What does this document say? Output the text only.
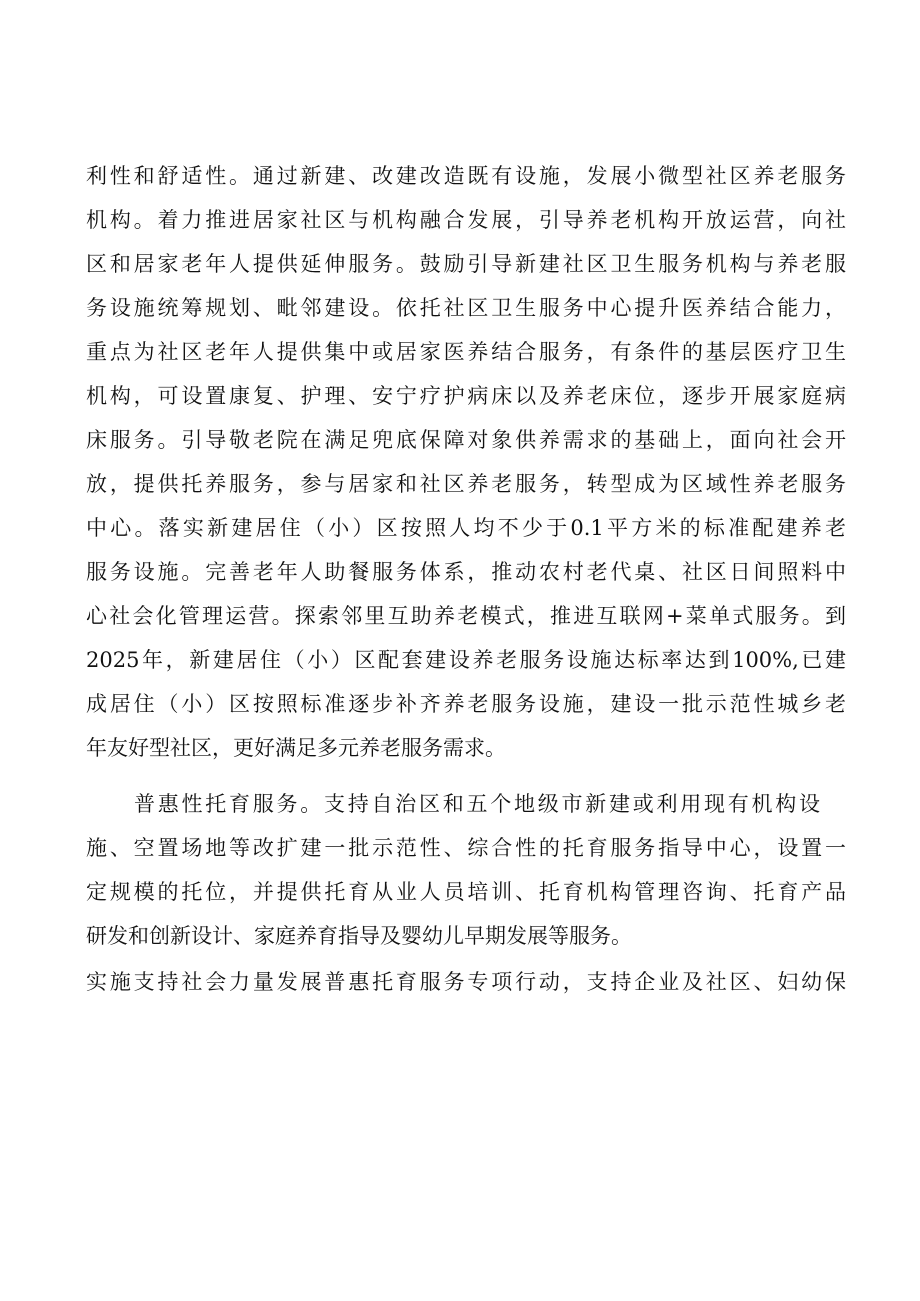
利性和舒适性。通过新建、改建改造既有设施，发展小微型社区养老服务
机构。着力推进居家社区与机构融合发展，引导养老机构开放运营，向社
区和居家老年人提供延伸服务。鼓励引导新建社区卫生服务机构与养老服
务设施统筹规划、毗邻建设。依托社区卫生服务中心提升医养结合能力，
重点为社区老年人提供集中或居家医养结合服务，有条件的基层医疗卫生
机构，可设置康复、护理、安宁疗护病床以及养老床位，逐步开展家庭病
床服务。引导敬老院在满足兜底保障对象供养需求的基础上，面向社会开
放，提供托养服务，参与居家和社区养老服务，转型成为区域性养老服务
中心。落实新建居住（小）区按照人均不少于0.1平方米的标准配建养老
服务设施。完善老年人助餐服务体系，推动农村老代桌、社区日间照料中
心社会化管理运营。探索邻里互助养老模式，推进互联网+菜单式服务。到
2025年，新建居住（小）区配套建设养老服务设施达标率达到100%,已建
成居住（小）区按照标准逐步补齐养老服务设施，建设一批示范性城乡老
年友好型社区，更好满足多元养老服务需求。
普惠性托育服务。支持自治区和五个地级市新建或利用现有机构设
施、空置场地等改扩建一批示范性、综合性的托育服务指导中心，设置一
定规模的托位，并提供托育从业人员培训、托育机构管理咨询、托育产品
研发和创新设计、家庭养育指导及婴幼儿早期发展等服务。
实施支持社会力量发展普惠托育服务专项行动，支持企业及社区、妇幼保
